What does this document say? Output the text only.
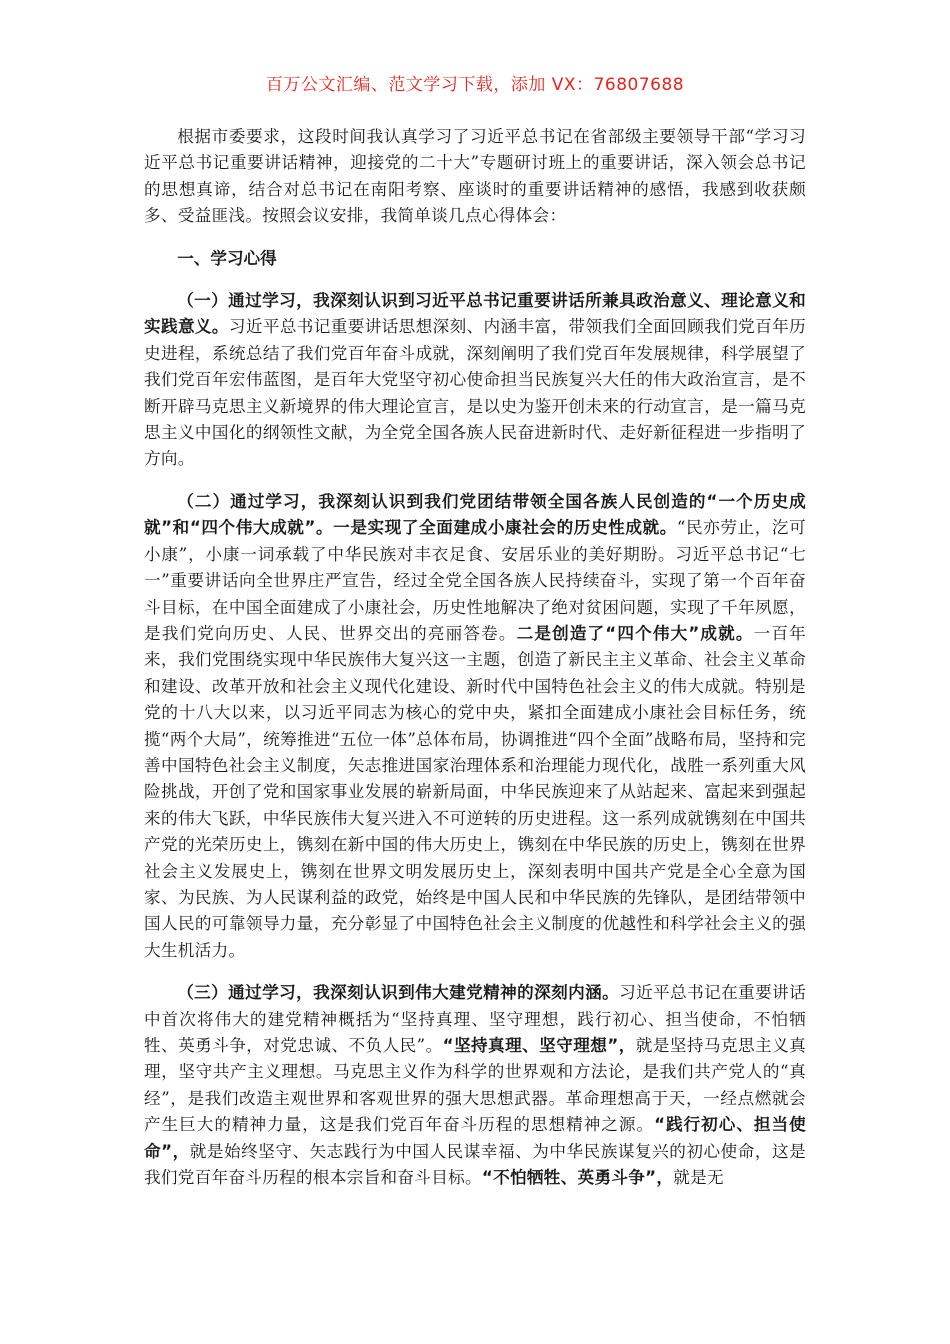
百万公文汇编、范文学习下载，添加 VX：76807688

根据市委要求，这段时间我认真学习了习近平总书记在省部级主要领导干部“学习习近平总书记重要讲话精神，迎接党的二十大”专题研讨班上的重要讲话，深入领会总书记的思想真谛，结合对总书记在南阳考察、座谈时的重要讲话精神的感悟，我感到收获颇多、受益匪浅。按照会议安排，我简单谈几点心得体会：

一、学习心得

（一）通过学习，我深刻认识到习近平总书记重要讲话所兼具政治意义、理论意义和实践意义。习近平总书记重要讲话思想深刻、内涵丰富，带领我们全面回顾我们党百年历史进程，系统总结了我们党百年奋斗成就，深刻阐明了我们党百年发展规律，科学展望了我们党百年宏伟蓝图，是百年大党坚守初心使命担当民族复兴大任的伟大政治宣言，是不断开辟马克思主义新境界的伟大理论宣言，是以史为鉴开创未来的行动宣言，是一篇马克思主义中国化的纲领性文献，为全党全国各族人民奋进新时代、走好新征程进一步指明了方向。

（二）通过学习，我深刻认识到我们党团结带领全国各族人民创造的“一个历史成就”和“四个伟大成就”。一是实现了全面建成小康社会的历史性成就。“民亦劳止，汔可小康”，小康一词承载了中华民族对丰衣足食、安居乐业的美好期盼。习近平总书记“七一”重要讲话向全世界庄严宣告，经过全党全国各族人民持续奋斗，实现了第一个百年奋斗目标，在中国全面建成了小康社会，历史性地解决了绝对贫困问题，实现了千年夙愿，是我们党向历史、人民、世界交出的亮丽答卷。二是创造了“四个伟大”成就。一百年来，我们党围绕实现中华民族伟大复兴这一主题，创造了新民主主义革命、社会主义革命和建设、改革开放和社会主义现代化建设、新时代中国特色社会主义的伟大成就。特别是党的十八大以来，以习近平同志为核心的党中央，紧扣全面建成小康社会目标任务，统揽“两个大局”，统筹推进“五位一体”总体布局，协调推进“四个全面”战略布局，坚持和完善中国特色社会主义制度，矢志推进国家治理体系和治理能力现代化，战胜一系列重大风险挑战，开创了党和国家事业发展的崭新局面，中华民族迎来了从站起来、富起来到强起来的伟大飞跃，中华民族伟大复兴进入不可逆转的历史进程。这一系列成就镌刻在中国共产党的光荣历史上，镌刻在新中国的伟大历史上，镌刻在中华民族的历史上，镌刻在世界社会主义发展史上，镌刻在世界文明发展历史上，深刻表明中国共产党是全心全意为国家、为民族、为人民谋利益的政党，始终是中国人民和中华民族的先锋队，是团结带领中国人民的可靠领导力量，充分彰显了中国特色社会主义制度的优越性和科学社会主义的强大生机活力。

（三）通过学习，我深刻认识到伟大建党精神的深刻内涵。习近平总书记在重要讲话中首次将伟大的建党精神概括为“坚持真理、坚守理想，践行初心、担当使命，不怕牺牲、英勇斗争，对党忠诚、不负人民”。“坚持真理、坚守理想”，就是坚持马克思主义真理，坚守共产主义理想。马克思主义作为科学的世界观和方法论，是我们共产党人的“真经”，是我们改造主观世界和客观世界的强大思想武器。革命理想高于天，一经点燃就会产生巨大的精神力量，这是我们党百年奋斗历程的思想精神之源。“践行初心、担当使命”，就是始终坚守、矢志践行为中国人民谋幸福、为中华民族谋复兴的初心使命，这是我们党百年奋斗历程的根本宗旨和奋斗目标。“不怕牺牲、英勇斗争”，就是无
